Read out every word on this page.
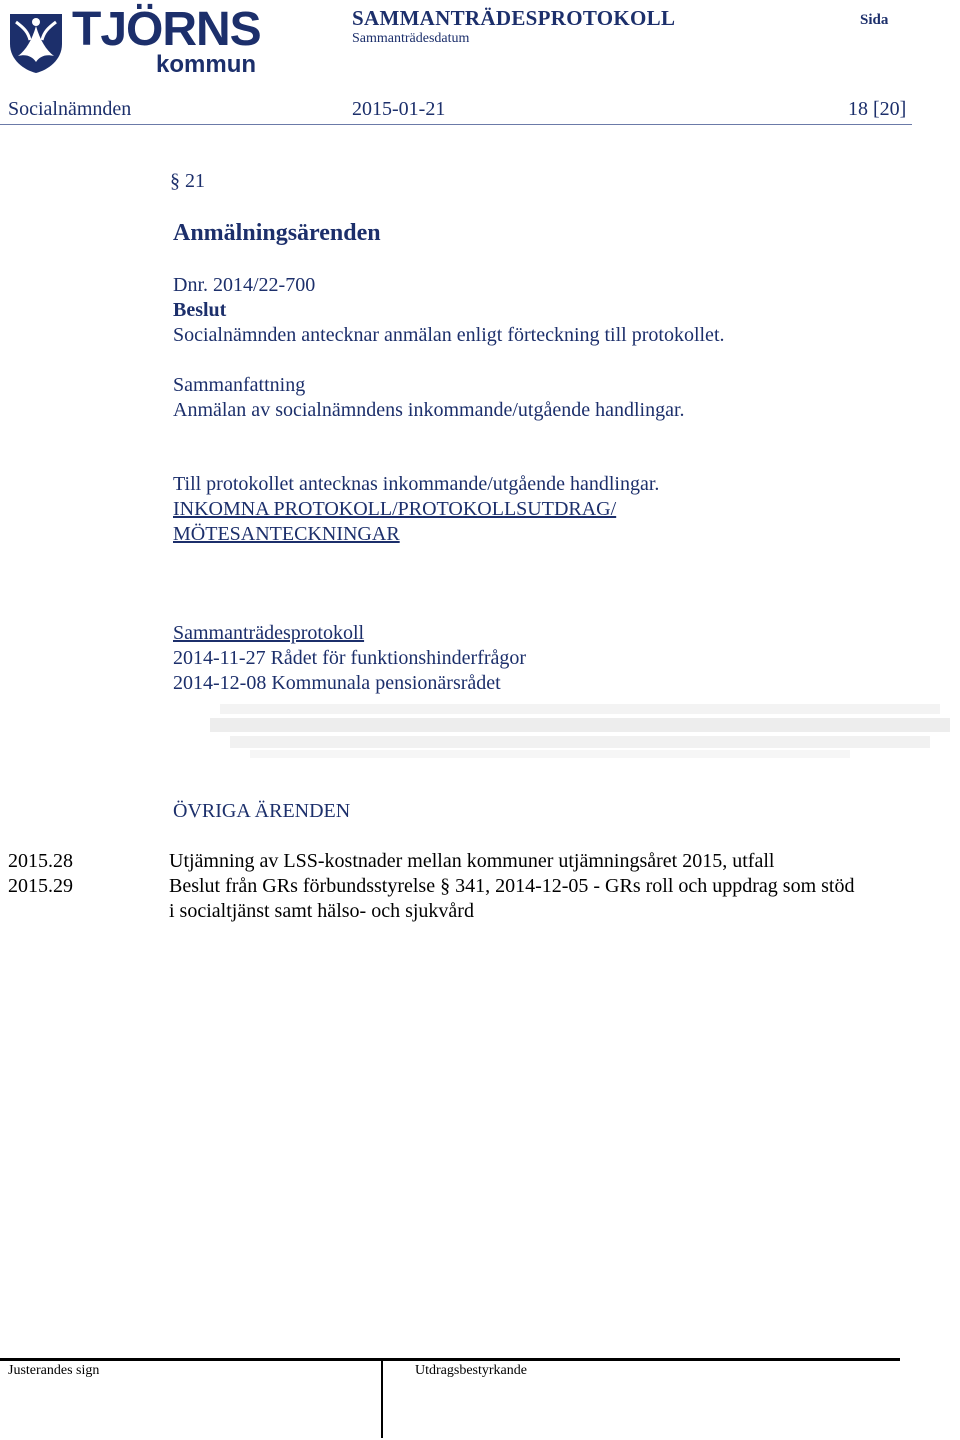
TJÖRNS
kommun
SAMMANTRÄDESPROTOKOLL
Sammanträdesdatum
Sida
Socialnämnden	2015-01-21	18 [20]
§ 21
Anmälningsärenden
Dnr. 2014/22-700
Beslut
Socialnämnden antecknar anmälan enligt förteckning till protokollet.
Sammanfattning
Anmälan av socialnämndens inkommande/utgående handlingar.
Till protokollet antecknas inkommande/utgående handlingar.
INKOMNA PROTOKOLL/PROTOKOLLSUTDRAG/
MÖTESANTECKNINGAR
Sammanträdesprotokoll
2014-11-27 Rådet för funktionshinderfrågor
2014-12-08 Kommunala pensionärsrådet
ÖVRIGA ÄRENDEN
2015.28	Utjämning av LSS-kostnader mellan kommuner utjämningsåret 2015, utfall
2015.29	Beslut från GRs förbundsstyrelse § 341, 2014-12-05 - GRs roll och uppdrag som stöd
i socialtjänst samt hälso- och sjukvård
Justerandes sign	Utdragsbestyrkande
